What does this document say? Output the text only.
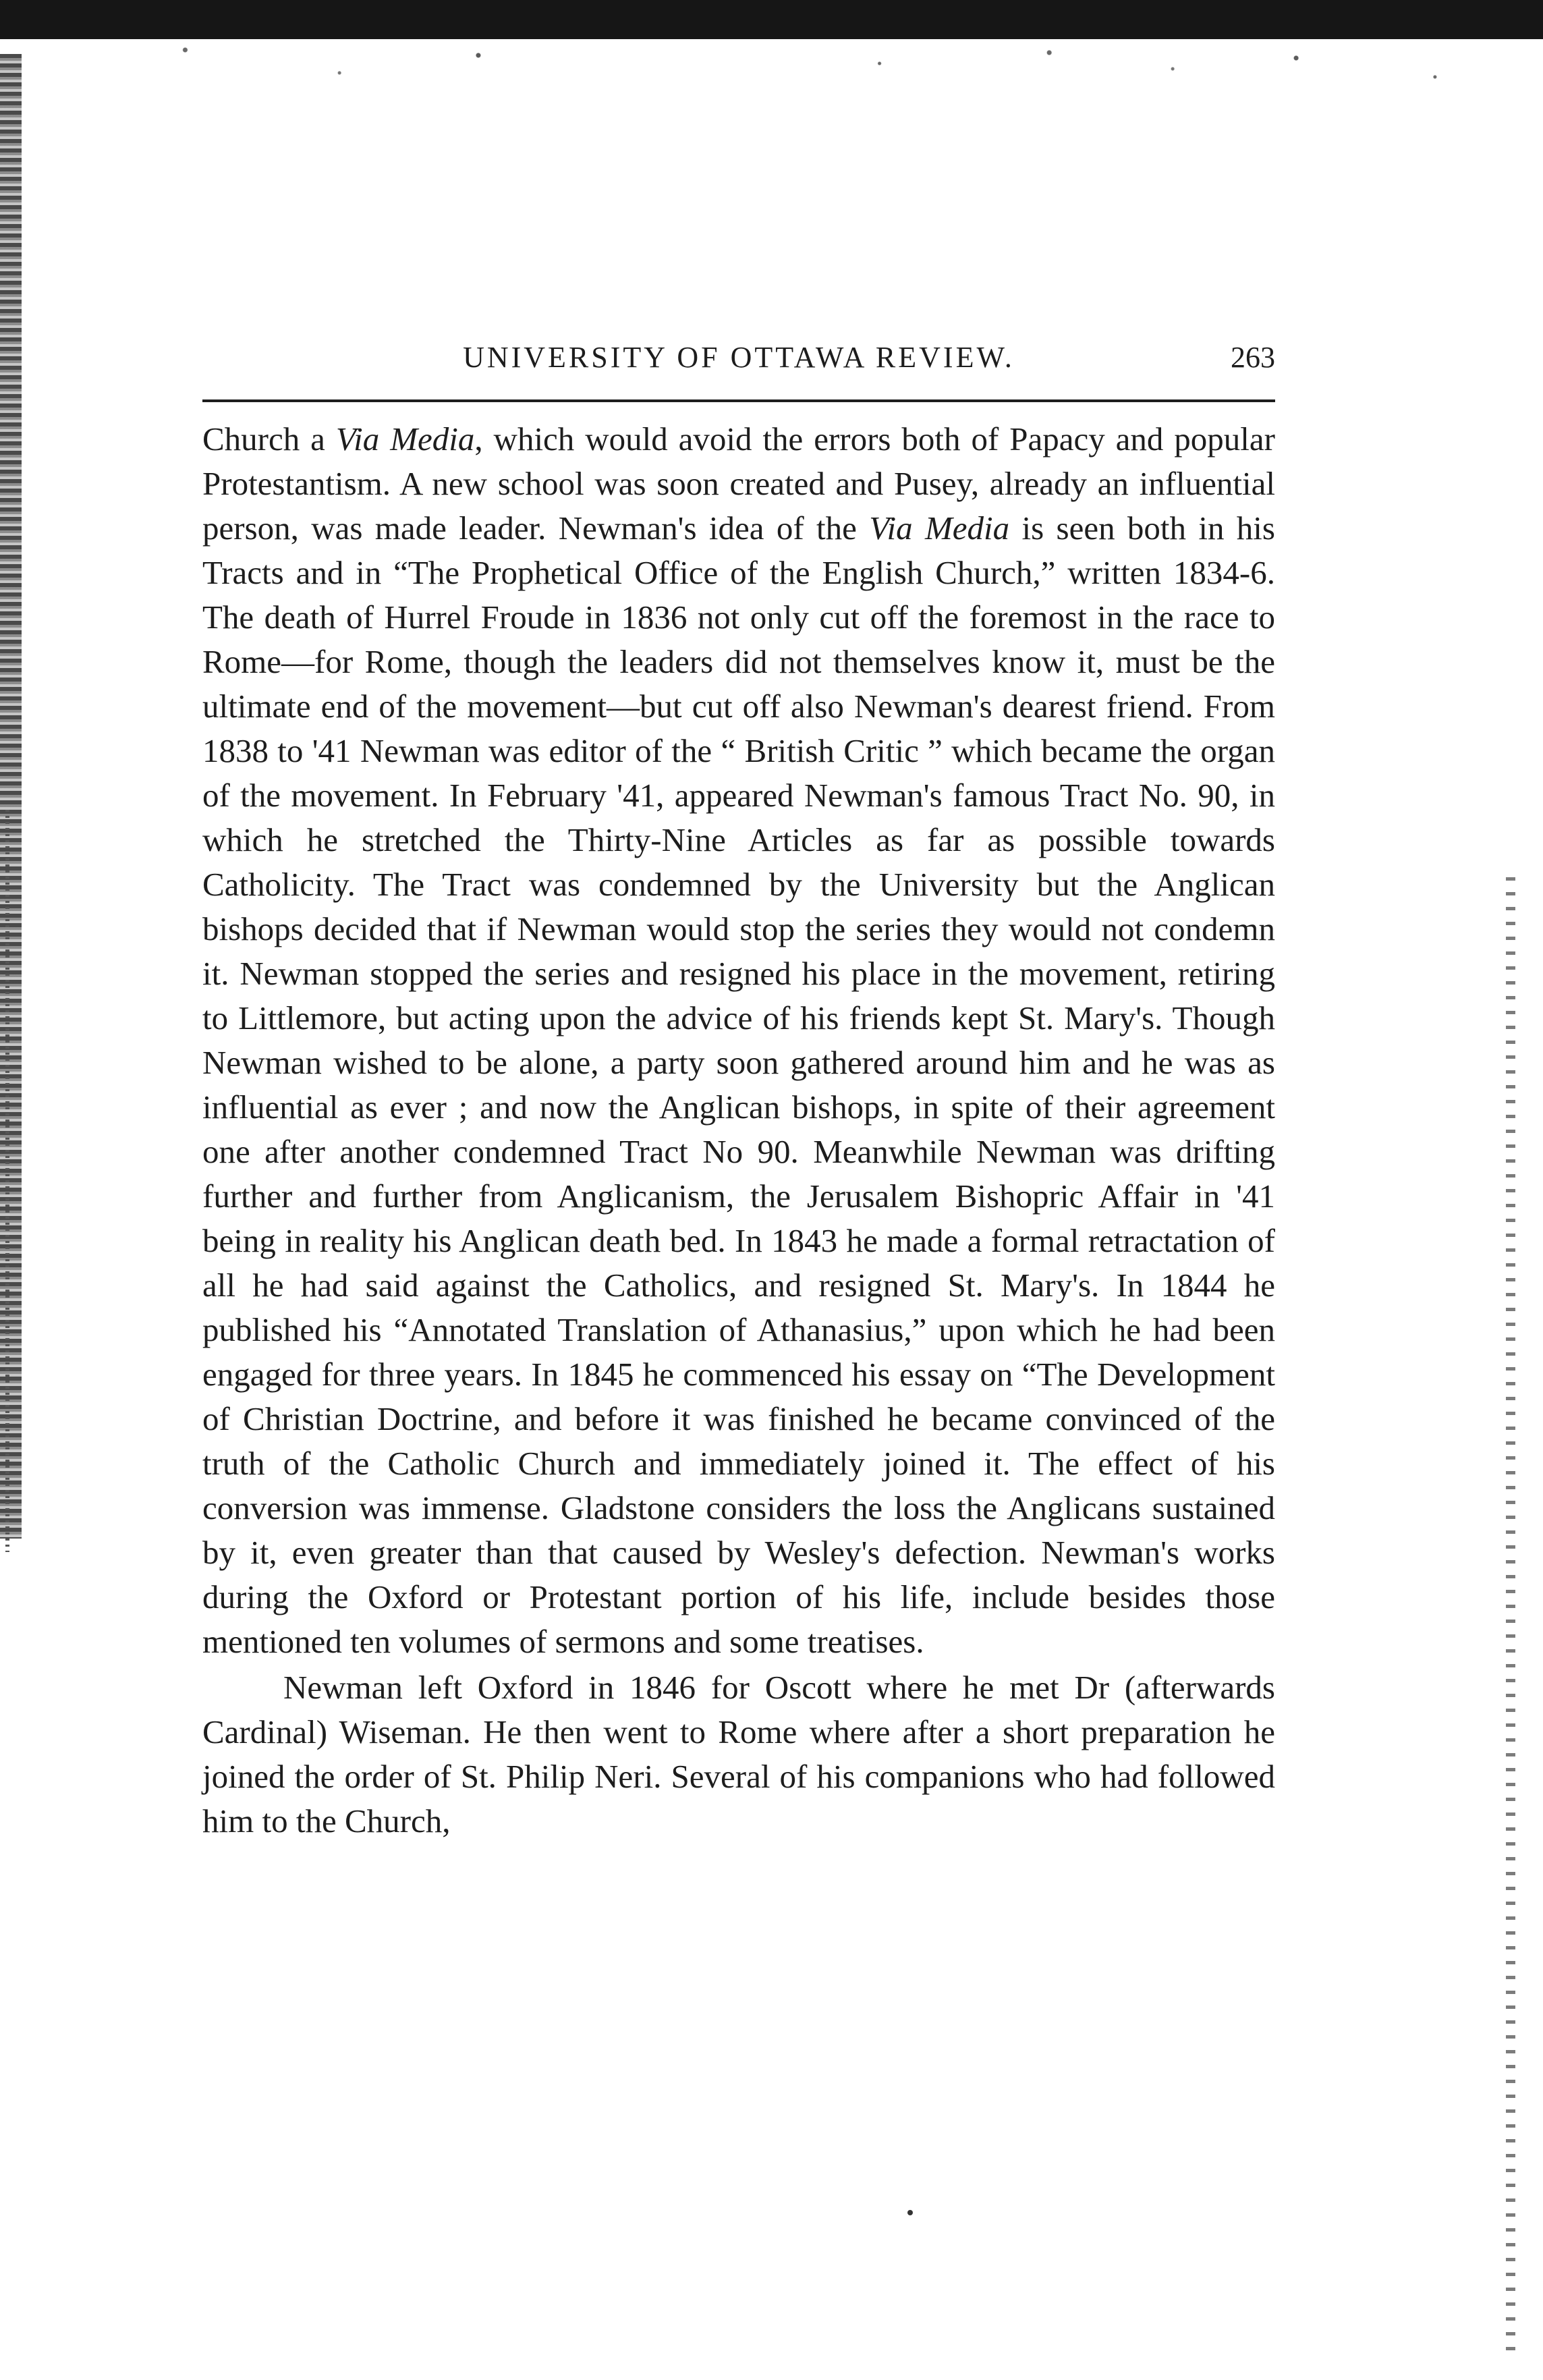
UNIVERSITY OF OTTAWA REVIEW.	263

Church a Via Media, which would avoid the errors both of Papacy and popular Protestantism. A new school was soon created and Pusey, already an influential person, was made leader. Newman's idea of the Via Media is seen both in his Tracts and in “The Prophetical Office of the English Church,” written 1834-6. The death of Hurrel Froude in 1836 not only cut off the foremost in the race to Rome—for Rome, though the leaders did not themselves know it, must be the ultimate end of the movement—but cut off also Newman's dearest friend. From 1838 to '41 Newman was editor of the “ British Critic ” which became the organ of the movement. In February '41, appeared Newman's famous Tract No. 90, in which he stretched the Thirty-Nine Articles as far as possible towards Catholicity. The Tract was condemned by the University but the Anglican bishops decided that if Newman would stop the series they would not condemn it. Newman stopped the series and resigned his place in the movement, retiring to Littlemore, but acting upon the advice of his friends kept St. Mary's. Though Newman wished to be alone, a party soon gathered around him and he was as influential as ever ; and now the Anglican bishops, in spite of their agreement one after another condemned Tract No 90. Meanwhile Newman was drifting further and further from Anglicanism, the Jerusalem Bishopric Affair in '41 being in reality his Anglican death bed. In 1843 he made a formal retractation of all he had said against the Catholics, and resigned St. Mary's. In 1844 he published his “Annotated Translation of Athanasius,” upon which he had been engaged for three years. In 1845 he commenced his essay on “The Development of Christian Doctrine, and before it was finished he became convinced of the truth of the Catholic Church and immediately joined it. The effect of his conversion was immense. Gladstone considers the loss the Anglicans sustained by it, even greater than that caused by Wesley's defection. Newman's works during the Oxford or Protestant portion of his life, include besides those mentioned ten volumes of sermons and some treatises.

Newman left Oxford in 1846 for Oscott where he met Dr (afterwards Cardinal) Wiseman. He then went to Rome where after a short preparation he joined the order of St. Philip Neri. Several of his companions who had followed him to the Church,
